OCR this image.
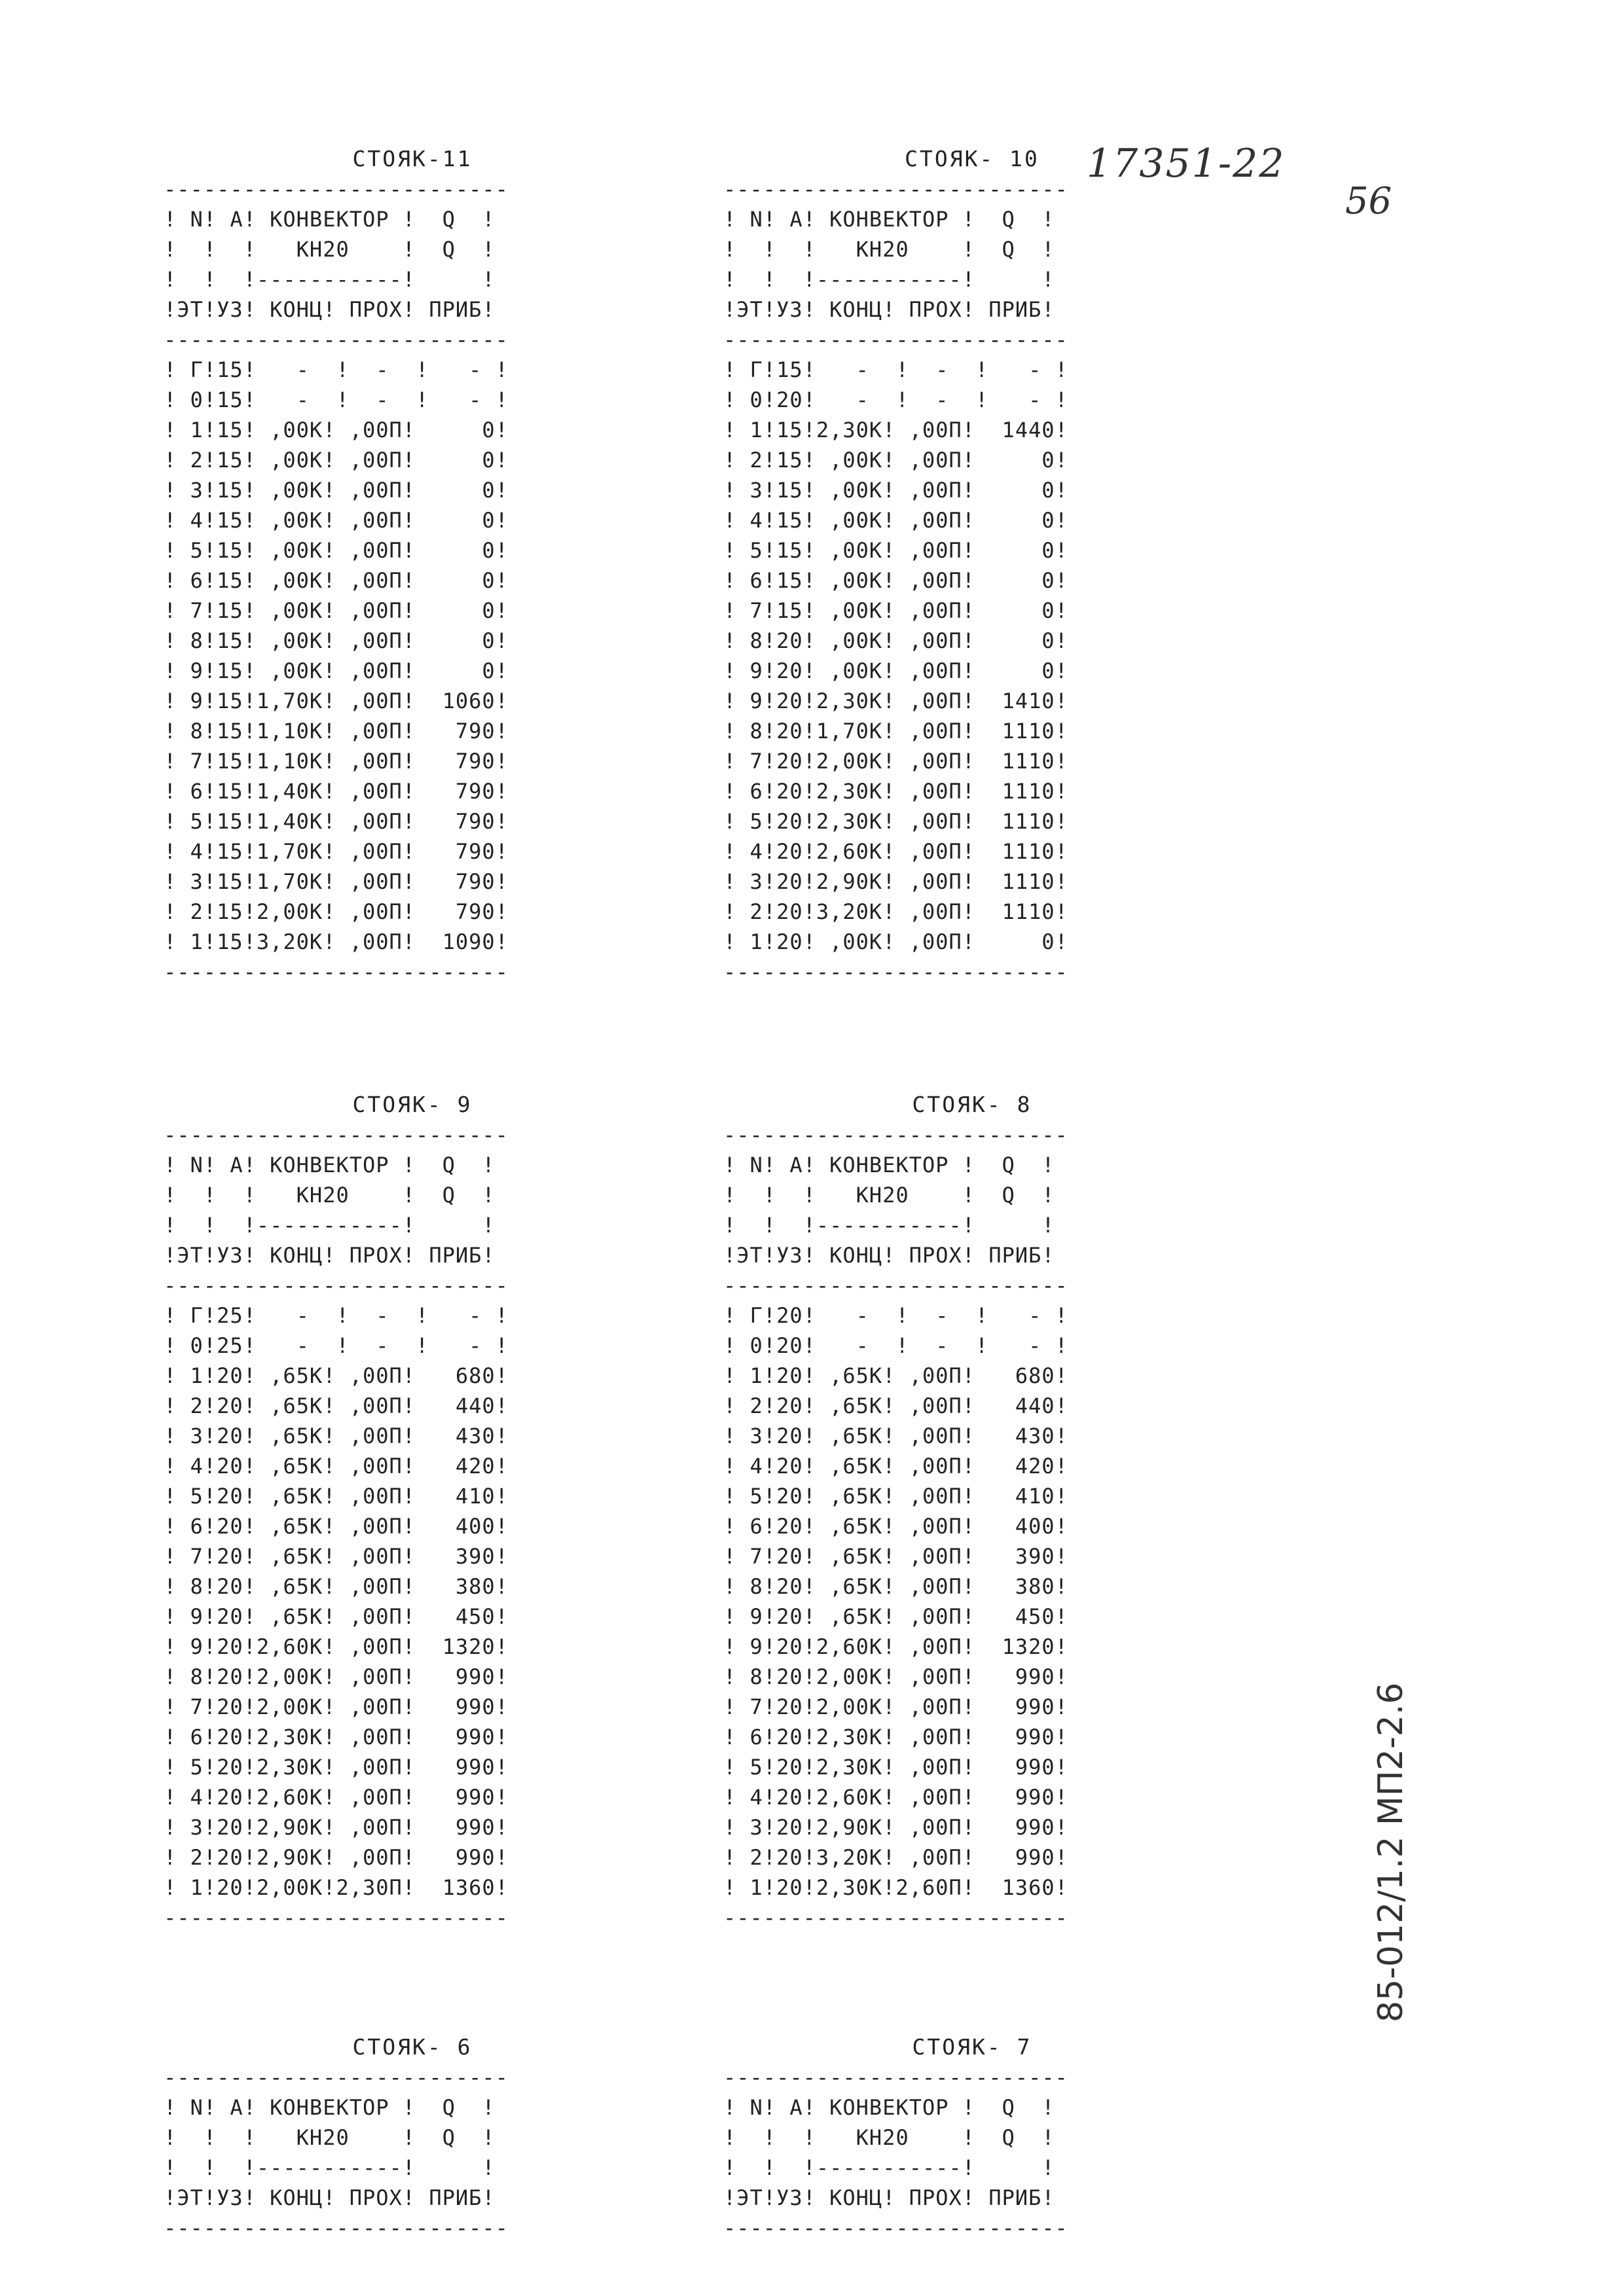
17351-22
56
85-012/1.2 МП2-2.6
СТОЯК-11
--------------------------
! N! A! КОНВЕКТОР !  Q  !
!  !  !   КН20    !  Q  !
!  !  !-----------!     !
!ЭТ!УЗ! КОНЦ! ПРОХ! ПРИБ!
--------------------------
! Г!15!   -  !  -  !   - !
! 0!15!   -  !  -  !   - !
! 1!15! ,00К! ,00П!     0!
! 2!15! ,00К! ,00П!     0!
! 3!15! ,00К! ,00П!     0!
! 4!15! ,00К! ,00П!     0!
! 5!15! ,00К! ,00П!     0!
! 6!15! ,00К! ,00П!     0!
! 7!15! ,00К! ,00П!     0!
! 8!15! ,00К! ,00П!     0!
! 9!15! ,00К! ,00П!     0!
! 9!15!1,70К! ,00П!  1060!
! 8!15!1,10К! ,00П!   790!
! 7!15!1,10К! ,00П!   790!
! 6!15!1,40К! ,00П!   790!
! 5!15!1,40К! ,00П!   790!
! 4!15!1,70К! ,00П!   790!
! 3!15!1,70К! ,00П!   790!
! 2!15!2,00К! ,00П!   790!
! 1!15!3,20К! ,00П!  1090!
--------------------------
СТОЯК- 10
--------------------------
! N! A! КОНВЕКТОР !  Q  !
!  !  !   КН20    !  Q  !
!  !  !-----------!     !
!ЭТ!УЗ! КОНЦ! ПРОХ! ПРИБ!
--------------------------
! Г!15!   -  !  -  !   - !
! 0!20!   -  !  -  !   - !
! 1!15!2,30К! ,00П!  1440!
! 2!15! ,00К! ,00П!     0!
! 3!15! ,00К! ,00П!     0!
! 4!15! ,00К! ,00П!     0!
! 5!15! ,00К! ,00П!     0!
! 6!15! ,00К! ,00П!     0!
! 7!15! ,00К! ,00П!     0!
! 8!20! ,00К! ,00П!     0!
! 9!20! ,00К! ,00П!     0!
! 9!20!2,30К! ,00П!  1410!
! 8!20!1,70К! ,00П!  1110!
! 7!20!2,00К! ,00П!  1110!
! 6!20!2,30К! ,00П!  1110!
! 5!20!2,30К! ,00П!  1110!
! 4!20!2,60К! ,00П!  1110!
! 3!20!2,90К! ,00П!  1110!
! 2!20!3,20К! ,00П!  1110!
! 1!20! ,00К! ,00П!     0!
--------------------------
СТОЯК- 9
--------------------------
! N! A! КОНВЕКТОР !  Q  !
!  !  !   КН20    !  Q  !
!  !  !-----------!     !
!ЭТ!УЗ! КОНЦ! ПРОХ! ПРИБ!
--------------------------
! Г!25!   -  !  -  !   - !
! 0!25!   -  !  -  !   - !
! 1!20! ,65К! ,00П!   680!
! 2!20! ,65К! ,00П!   440!
! 3!20! ,65К! ,00П!   430!
! 4!20! ,65К! ,00П!   420!
! 5!20! ,65К! ,00П!   410!
! 6!20! ,65К! ,00П!   400!
! 7!20! ,65К! ,00П!   390!
! 8!20! ,65К! ,00П!   380!
! 9!20! ,65К! ,00П!   450!
! 9!20!2,60К! ,00П!  1320!
! 8!20!2,00К! ,00П!   990!
! 7!20!2,00К! ,00П!   990!
! 6!20!2,30К! ,00П!   990!
! 5!20!2,30К! ,00П!   990!
! 4!20!2,60К! ,00П!   990!
! 3!20!2,90К! ,00П!   990!
! 2!20!2,90К! ,00П!   990!
! 1!20!2,00К!2,30П!  1360!
--------------------------
СТОЯК- 8
--------------------------
! N! A! КОНВЕКТОР !  Q  !
!  !  !   КН20    !  Q  !
!  !  !-----------!     !
!ЭТ!УЗ! КОНЦ! ПРОХ! ПРИБ!
--------------------------
! Г!20!   -  !  -  !   - !
! 0!20!   -  !  -  !   - !
! 1!20! ,65К! ,00П!   680!
! 2!20! ,65К! ,00П!   440!
! 3!20! ,65К! ,00П!   430!
! 4!20! ,65К! ,00П!   420!
! 5!20! ,65К! ,00П!   410!
! 6!20! ,65К! ,00П!   400!
! 7!20! ,65К! ,00П!   390!
! 8!20! ,65К! ,00П!   380!
! 9!20! ,65К! ,00П!   450!
! 9!20!2,60К! ,00П!  1320!
! 8!20!2,00К! ,00П!   990!
! 7!20!2,00К! ,00П!   990!
! 6!20!2,30К! ,00П!   990!
! 5!20!2,30К! ,00П!   990!
! 4!20!2,60К! ,00П!   990!
! 3!20!2,90К! ,00П!   990!
! 2!20!3,20К! ,00П!   990!
! 1!20!2,30К!2,60П!  1360!
--------------------------
СТОЯК- 6
--------------------------
! N! A! КОНВЕКТОР !  Q  !
!  !  !   КН20    !  Q  !
!  !  !-----------!     !
!ЭТ!УЗ! КОНЦ! ПРОХ! ПРИБ!
--------------------------
СТОЯК- 7
--------------------------
! N! A! КОНВЕКТОР !  Q  !
!  !  !   КН20    !  Q  !
!  !  !-----------!     !
!ЭТ!УЗ! КОНЦ! ПРОХ! ПРИБ!
--------------------------
